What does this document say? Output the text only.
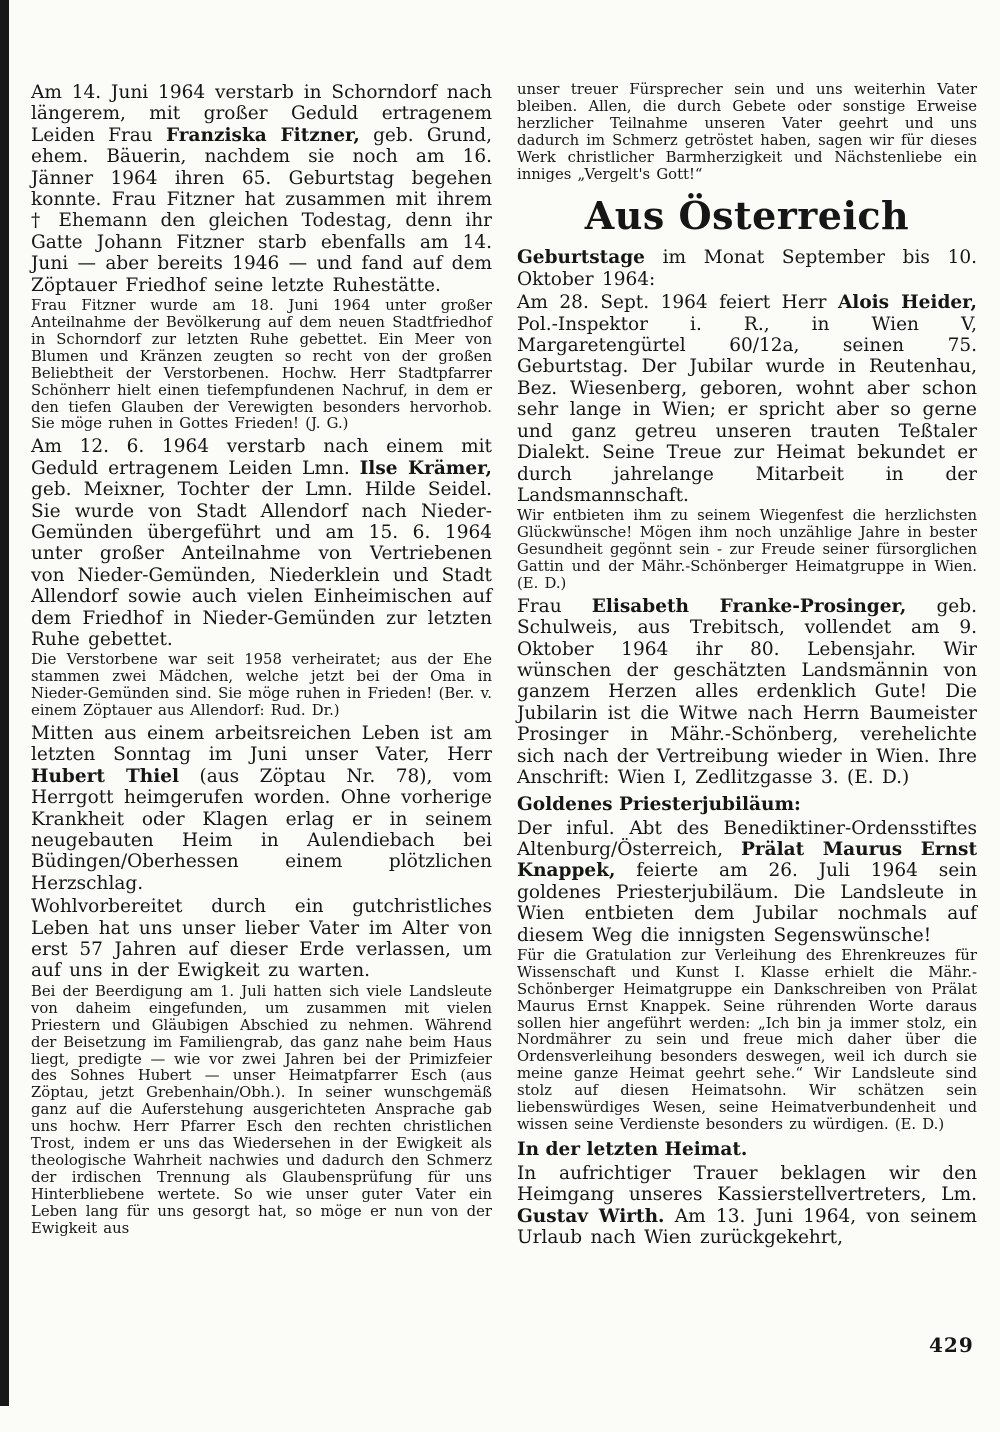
Am 14. Juni 1964 verstarb in Schorndorf nach längerem, mit großer Geduld ertragenem Leiden Frau Franziska Fitzner, geb. Grund, ehem. Bäuerin, nachdem sie noch am 16. Jänner 1964 ihren 65. Geburtstag begehen konnte. Frau Fitzner hat zusammen mit ihrem † Ehemann den gleichen Todestag, denn ihr Gatte Johann Fitzner starb ebenfalls am 14. Juni — aber bereits 1946 — und fand auf dem Zöptauer Friedhof seine letzte Ruhestätte.

Frau Fitzner wurde am 18. Juni 1964 unter großer Anteilnahme der Bevölkerung auf dem neuen Stadtfriedhof in Schorndorf zur letzten Ruhe gebettet. Ein Meer von Blumen und Kränzen zeugten so recht von der großen Beliebtheit der Verstorbenen. Hochw. Herr Stadtpfarrer Schönherr hielt einen tiefempfundenen Nachruf, in dem er den tiefen Glauben der Verewigten besonders hervorhob. Sie möge ruhen in Gottes Frieden! (J. G.)

Am 12. 6. 1964 verstarb nach einem mit Geduld ertragenem Leiden Lmn. Ilse Krämer, geb. Meixner, Tochter der Lmn. Hilde Seidel. Sie wurde von Stadt Allendorf nach Nieder-Gemünden übergeführt und am 15. 6. 1964 unter großer Anteilnahme von Vertriebenen von Nieder-Gemünden, Niederklein und Stadt Allendorf sowie auch vielen Einheimischen auf dem Friedhof in Nieder-Gemünden zur letzten Ruhe gebettet.

Die Verstorbene war seit 1958 verheiratet; aus der Ehe stammen zwei Mädchen, welche jetzt bei der Oma in Nieder-Gemünden sind. Sie möge ruhen in Frieden! (Ber. v. einem Zöptauer aus Allendorf: Rud. Dr.)

Mitten aus einem arbeitsreichen Leben ist am letzten Sonntag im Juni unser Vater, Herr Hubert Thiel (aus Zöptau Nr. 78), vom Herrgott heimgerufen worden. Ohne vorherige Krankheit oder Klagen erlag er in seinem neugebauten Heim in Aulendiebach bei Büdingen/Oberhessen einem plötzlichen Herzschlag.

Wohlvorbereitet durch ein gutchristliches Leben hat uns unser lieber Vater im Alter von erst 57 Jahren auf dieser Erde verlassen, um auf uns in der Ewigkeit zu warten.

Bei der Beerdigung am 1. Juli hatten sich viele Landsleute von daheim eingefunden, um zusammen mit vielen Priestern und Gläubigen Abschied zu nehmen. Während der Beisetzung im Familiengrab, das ganz nahe beim Haus liegt, predigte — wie vor zwei Jahren bei der Primizfeier des Sohnes Hubert — unser Heimatpfarrer Esch (aus Zöptau, jetzt Grebenhain/Obh.). In seiner wunschgemäß ganz auf die Auferstehung ausgerichteten Ansprache gab uns hochw. Herr Pfarrer Esch den rechten christlichen Trost, indem er uns das Wiedersehen in der Ewigkeit als theologische Wahrheit nachwies und dadurch den Schmerz der irdischen Trennung als Glaubensprüfung für uns Hinterbliebene wertete. So wie unser guter Vater ein Leben lang für uns gesorgt hat, so möge er nun von der Ewigkeit aus

unser treuer Fürsprecher sein und uns weiterhin Vater bleiben. Allen, die durch Gebete oder sonstige Erweise herzlicher Teilnahme unseren Vater geehrt und uns dadurch im Schmerz getröstet haben, sagen wir für dieses Werk christlicher Barmherzigkeit und Nächstenliebe ein inniges „Vergelt's Gott!“

Aus Österreich

Geburtstage im Monat September bis 10. Oktober 1964:

Am 28. Sept. 1964 feiert Herr Alois Heider, Pol.-Inspektor i. R., in Wien V, Margaretengürtel 60/12a, seinen 75. Geburtstag. Der Jubilar wurde in Reutenhau, Bez. Wiesenberg, geboren, wohnt aber schon sehr lange in Wien; er spricht aber so gerne und ganz getreu unseren trauten Teßtaler Dialekt. Seine Treue zur Heimat bekundet er durch jahrelange Mitarbeit in der Landsmannschaft.

Wir entbieten ihm zu seinem Wiegenfest die herzlichsten Glückwünsche! Mögen ihm noch unzählige Jahre in bester Gesundheit gegönnt sein - zur Freude seiner fürsorglichen Gattin und der Mähr.-Schönberger Heimatgruppe in Wien. (E. D.)

Frau Elisabeth Franke-Prosinger, geb. Schulweis, aus Trebitsch, vollendet am 9. Oktober 1964 ihr 80. Lebensjahr. Wir wünschen der geschätzten Landsmännin von ganzem Herzen alles erdenklich Gute! Die Jubilarin ist die Witwe nach Herrn Baumeister Prosinger in Mähr.-Schönberg, verehelichte sich nach der Vertreibung wieder in Wien. Ihre Anschrift: Wien I, Zedlitzgasse 3. (E. D.)

Goldenes Priesterjubiläum:

Der inful. Abt des Benediktiner-Ordensstiftes Altenburg/Österreich, Prälat Maurus Ernst Knappek, feierte am 26. Juli 1964 sein goldenes Priesterjubiläum. Die Landsleute in Wien entbieten dem Jubilar nochmals auf diesem Weg die innigsten Segenswünsche!

Für die Gratulation zur Verleihung des Ehrenkreuzes für Wissenschaft und Kunst I. Klasse erhielt die Mähr.-Schönberger Heimatgruppe ein Dankschreiben von Prälat Maurus Ernst Knappek. Seine rührenden Worte daraus sollen hier angeführt werden: „Ich bin ja immer stolz, ein Nordmährer zu sein und freue mich daher über die Ordensverleihung besonders deswegen, weil ich durch sie meine ganze Heimat geehrt sehe.“ Wir Landsleute sind stolz auf diesen Heimatsohn. Wir schätzen sein liebenswürdiges Wesen, seine Heimatverbundenheit und wissen seine Verdienste besonders zu würdigen. (E. D.)

In der letzten Heimat.

In aufrichtiger Trauer beklagen wir den Heimgang unseres Kassierstellvertreters, Lm. Gustav Wirth. Am 13. Juni 1964, von seinem Urlaub nach Wien zurückgekehrt,

429
